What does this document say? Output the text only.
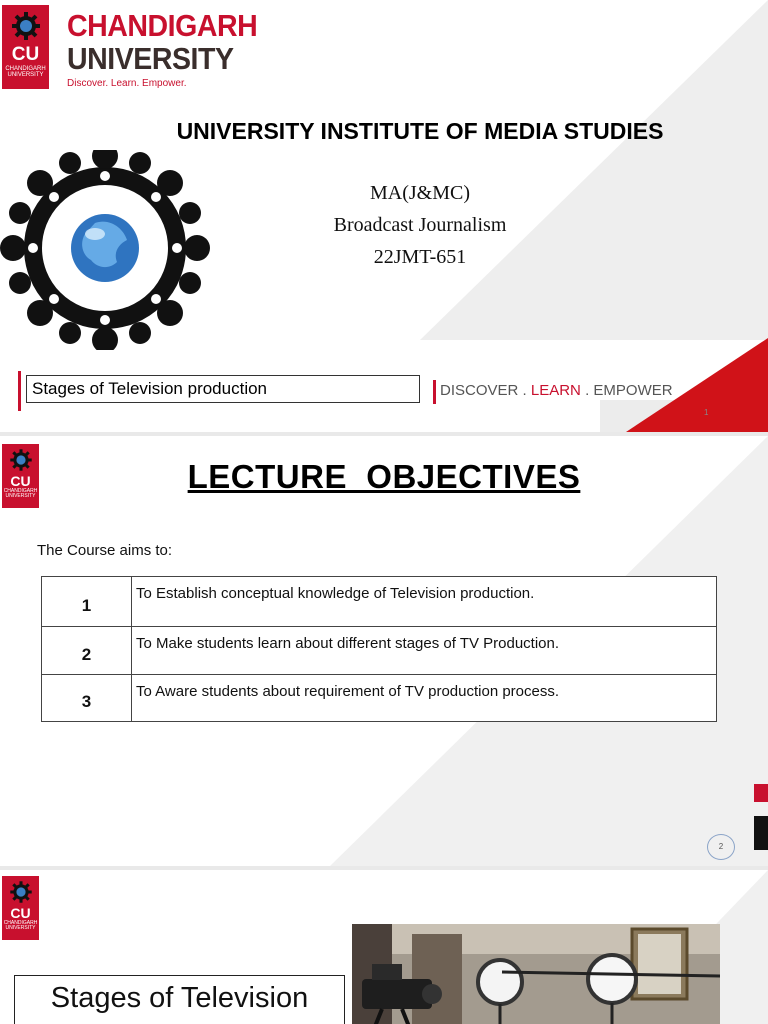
CU
CHANDIGARH
UNIVERSITY
CHANDIGARH
UNIVERSITY
Discover. Learn. Empower.
UNIVERSITY INSTITUTE OF MEDIA STUDIES
MA(J&MC)
Broadcast Journalism
22JMT-651
Stages of Television production	DISCOVER . LEARN . EMPOWER
1
CU
CHANDIGARH
UNIVERSITY
LECTURE  OBJECTIVES
The Course aims to:
1	To Establish conceptual knowledge of Television production.
2	To Make students learn about different stages of TV Production.
3	To Aware students about requirement of TV production process.
2
CU
CHANDIGARH
UNIVERSITY
Stages of Television
